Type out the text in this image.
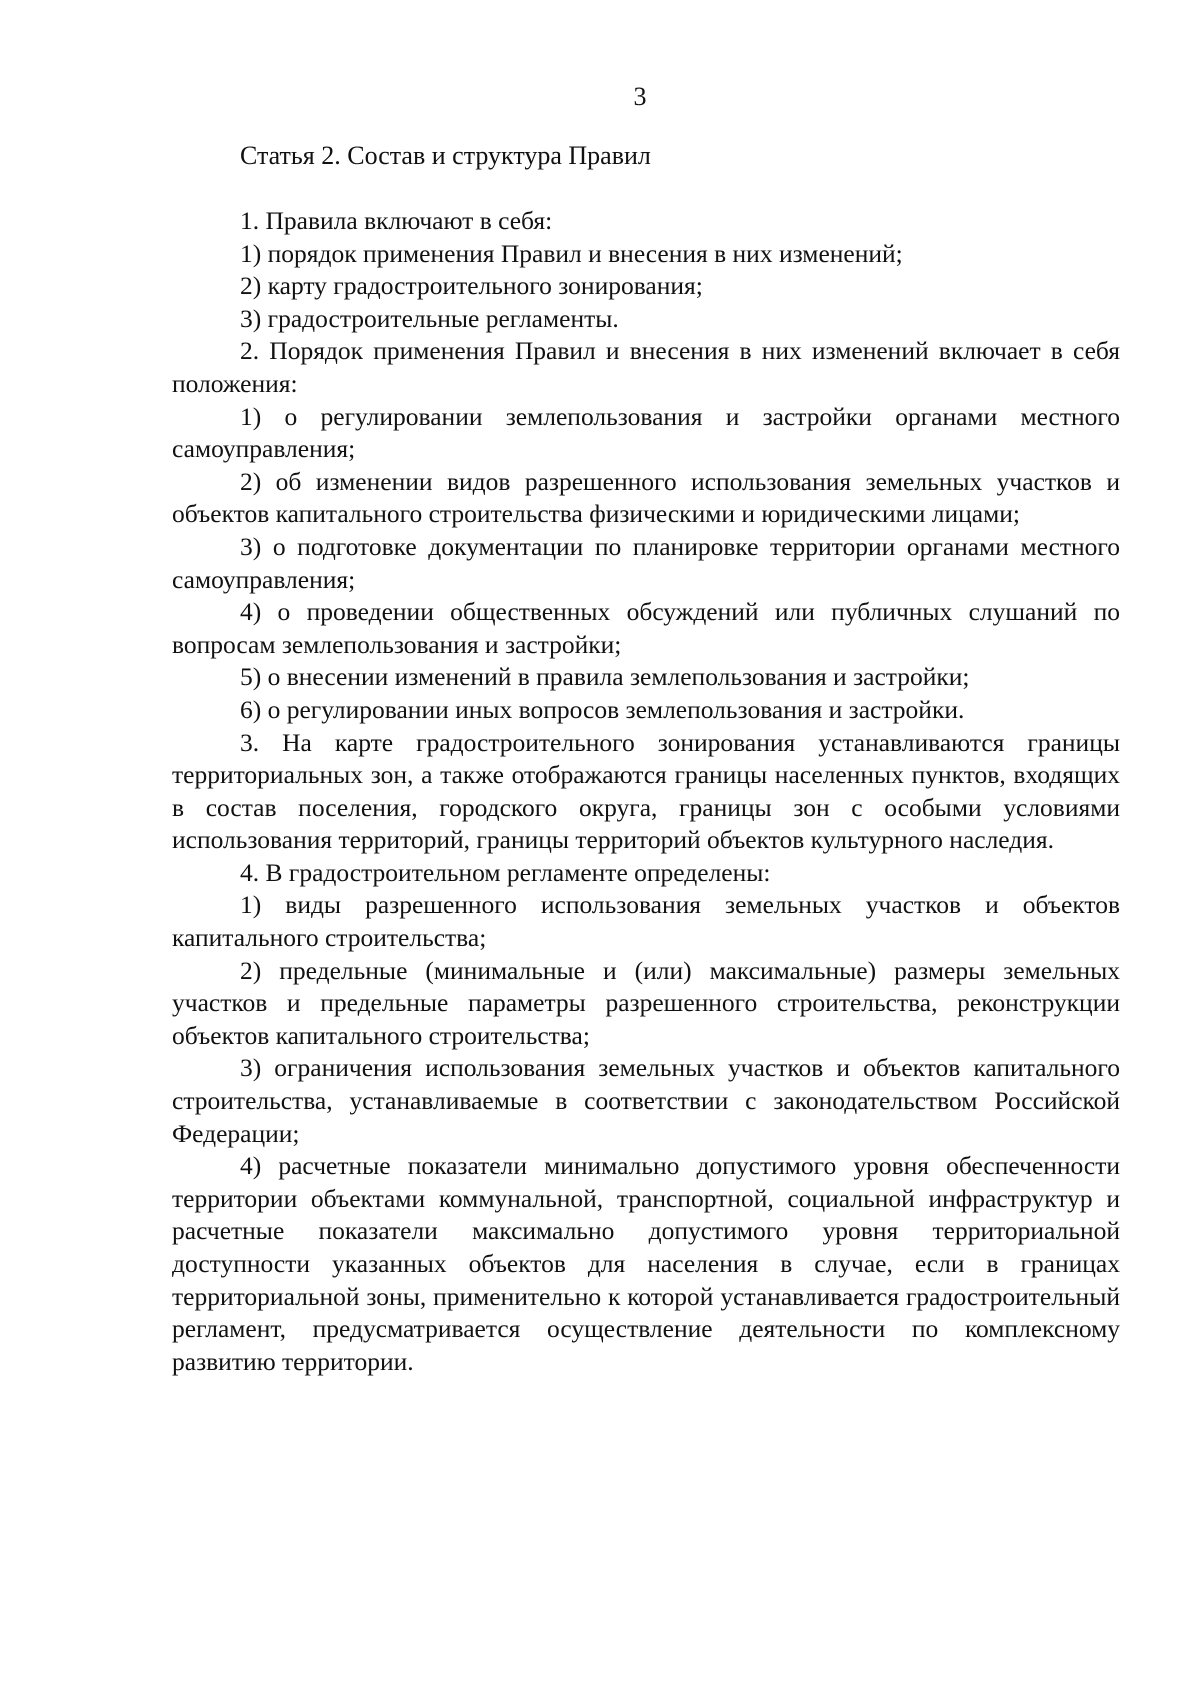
3
Статья 2. Состав и структура Правил

1. Правила включают в себя:

1) порядок применения Правил и внесения в них изменений;

2) карту градостроительного зонирования;

3) градостроительные регламенты.

2. Порядок применения Правил и внесения в них изменений включает в себя положения:

1) о регулировании землепользования и застройки органами местного самоуправления;

2) об изменении видов разрешенного использования земельных участков и объектов капитального строительства физическими и юридическими лицами;

3) о подготовке документации по планировке территории органами местного самоуправления;

4) о проведении общественных обсуждений или публичных слушаний по вопросам землепользования и застройки;

5) о внесении изменений в правила землепользования и застройки;

6) о регулировании иных вопросов землепользования и застройки.

3. На карте градостроительного зонирования устанавливаются границы территориальных зон, а также отображаются границы населенных пунктов, входящих в состав поселения, городского округа, границы зон с особыми условиями использования территорий, границы территорий объектов культурного наследия.

4. В градостроительном регламенте определены:

1) виды разрешенного использования земельных участков и объектов капитального строительства;

2) предельные (минимальные и (или) максимальные) размеры земельных участков и предельные параметры разрешенного строительства, реконструкции объектов капитального строительства;

3) ограничения использования земельных участков и объектов капитального строительства, устанавливаемые в соответствии с законодательством Российской Федерации;

4) расчетные показатели минимально допустимого уровня обеспеченности территории объектами коммунальной, транспортной, социальной инфраструктур и расчетные показатели максимально допустимого уровня территориальной доступности указанных объектов для населения в случае, если в границах территориальной зоны, применительно к которой устанавливается градостроительный регламент, предусматривается осуществление деятельности по комплексному развитию территории.
